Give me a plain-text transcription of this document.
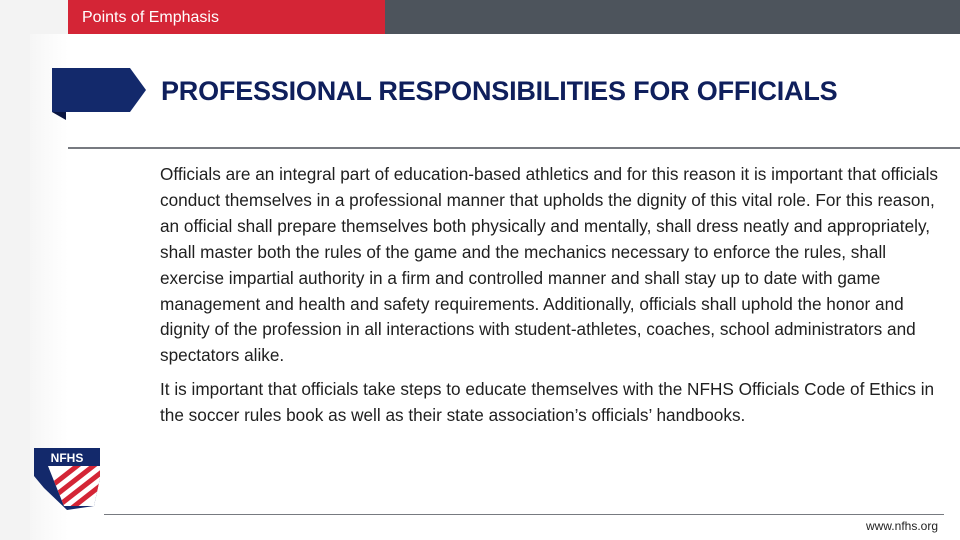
Points of Emphasis
PROFESSIONAL RESPONSIBILITIES FOR OFFICIALS

Officials are an integral part of education-based athletics and for this reason it is important that officials conduct themselves in a professional manner that upholds the dignity of this vital role. For this reason, an official shall prepare themselves both physically and mentally, shall dress neatly and appropriately, shall master both the rules of the game and the mechanics necessary to enforce the rules, shall exercise impartial authority in a firm and controlled manner and shall stay up to date with game management and health and safety requirements. Additionally, officials shall uphold the honor and dignity of the profession in all interactions with student-athletes, coaches, school administrators and spectators alike.

It is important that officials take steps to educate themselves with the NFHS Officials Code of Ethics in the soccer rules book as well as their state association’s officials’ handbooks.

NFHS
www.nfhs.org
